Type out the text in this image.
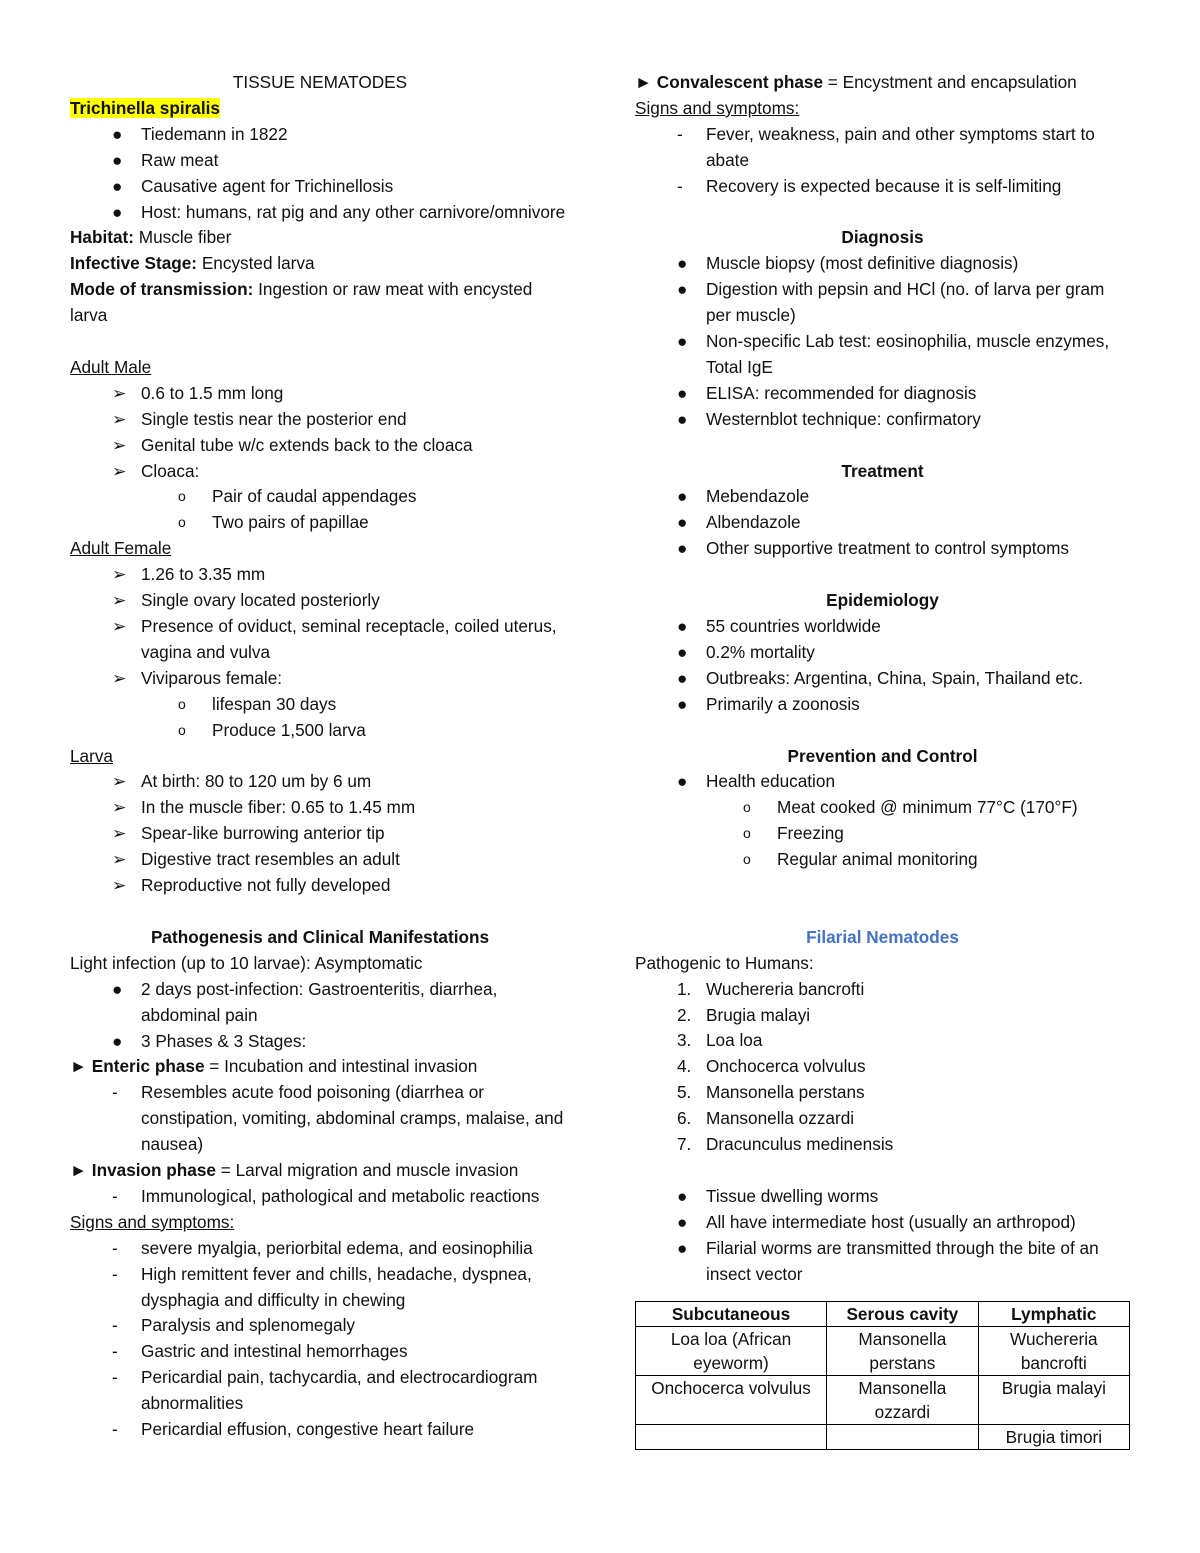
TISSUE NEMATODES
Trichinella spiralis
● Tiedemann in 1822
● Raw meat
● Causative agent for Trichinellosis
● Host: humans, rat pig and any other carnivore/omnivore
Habitat: Muscle fiber
Infective Stage: Encysted larva
Mode of transmission: Ingestion or raw meat with encysted larva
Adult Male
➢ 0.6 to 1.5 mm long
➢ Single testis near the posterior end
➢ Genital tube w/c extends back to the cloaca
➢ Cloaca:
o Pair of caudal appendages
o Two pairs of papillae
Adult Female
➢ 1.26 to 3.35 mm
➢ Single ovary located posteriorly
➢ Presence of oviduct, seminal receptacle, coiled uterus, vagina and vulva
➢ Viviparous female:
o lifespan 30 days
o Produce 1,500 larva
Larva
➢ At birth: 80 to 120 um by 6 um
➢ In the muscle fiber: 0.65 to 1.45 mm
➢ Spear-like burrowing anterior tip
➢ Digestive tract resembles an adult
➢ Reproductive not fully developed
Pathogenesis and Clinical Manifestations
Light infection (up to 10 larvae): Asymptomatic
● 2 days post-infection: Gastroenteritis, diarrhea, abdominal pain
● 3 Phases & 3 Stages:
► Enteric phase = Incubation and intestinal invasion
- Resembles acute food poisoning (diarrhea or constipation, vomiting, abdominal cramps, malaise, and nausea)
► Invasion phase = Larval migration and muscle invasion
- Immunological, pathological and metabolic reactions
Signs and symptoms:
- severe myalgia, periorbital edema, and eosinophilia
- High remittent fever and chills, headache, dyspnea, dysphagia and difficulty in chewing
- Paralysis and splenomegaly
- Gastric and intestinal hemorrhages
- Pericardial pain, tachycardia, and electrocardiogram abnormalities
- Pericardial effusion, congestive heart failure
► Convalescent phase = Encystment and encapsulation
Signs and symptoms:
- Fever, weakness, pain and other symptoms start to abate
- Recovery is expected because it is self-limiting
Diagnosis
● Muscle biopsy (most definitive diagnosis)
● Digestion with pepsin and HCl (no. of larva per gram per muscle)
● Non-specific Lab test: eosinophilia, muscle enzymes, Total IgE
● ELISA: recommended for diagnosis
● Westernblot technique: confirmatory
Treatment
● Mebendazole
● Albendazole
● Other supportive treatment to control symptoms
Epidemiology
● 55 countries worldwide
● 0.2% mortality
● Outbreaks: Argentina, China, Spain, Thailand etc.
● Primarily a zoonosis
Prevention and Control
● Health education
o Meat cooked @ minimum 77°C (170°F)
o Freezing
o Regular animal monitoring
Filarial Nematodes
Pathogenic to Humans:
1. Wuchereria bancrofti
2. Brugia malayi
3. Loa loa
4. Onchocerca volvulus
5. Mansonella perstans
6. Mansonella ozzardi
7. Dracunculus medinensis
● Tissue dwelling worms
● All have intermediate host (usually an arthropod)
● Filarial worms are transmitted through the bite of an insect vector
Subcutaneous	Serous cavity	Lymphatic
Loa loa (African eyeworm)	Mansonella perstans	Wuchereria bancrofti
Onchocerca volvulus	Mansonella ozzardi	Brugia malayi
		Brugia timori
